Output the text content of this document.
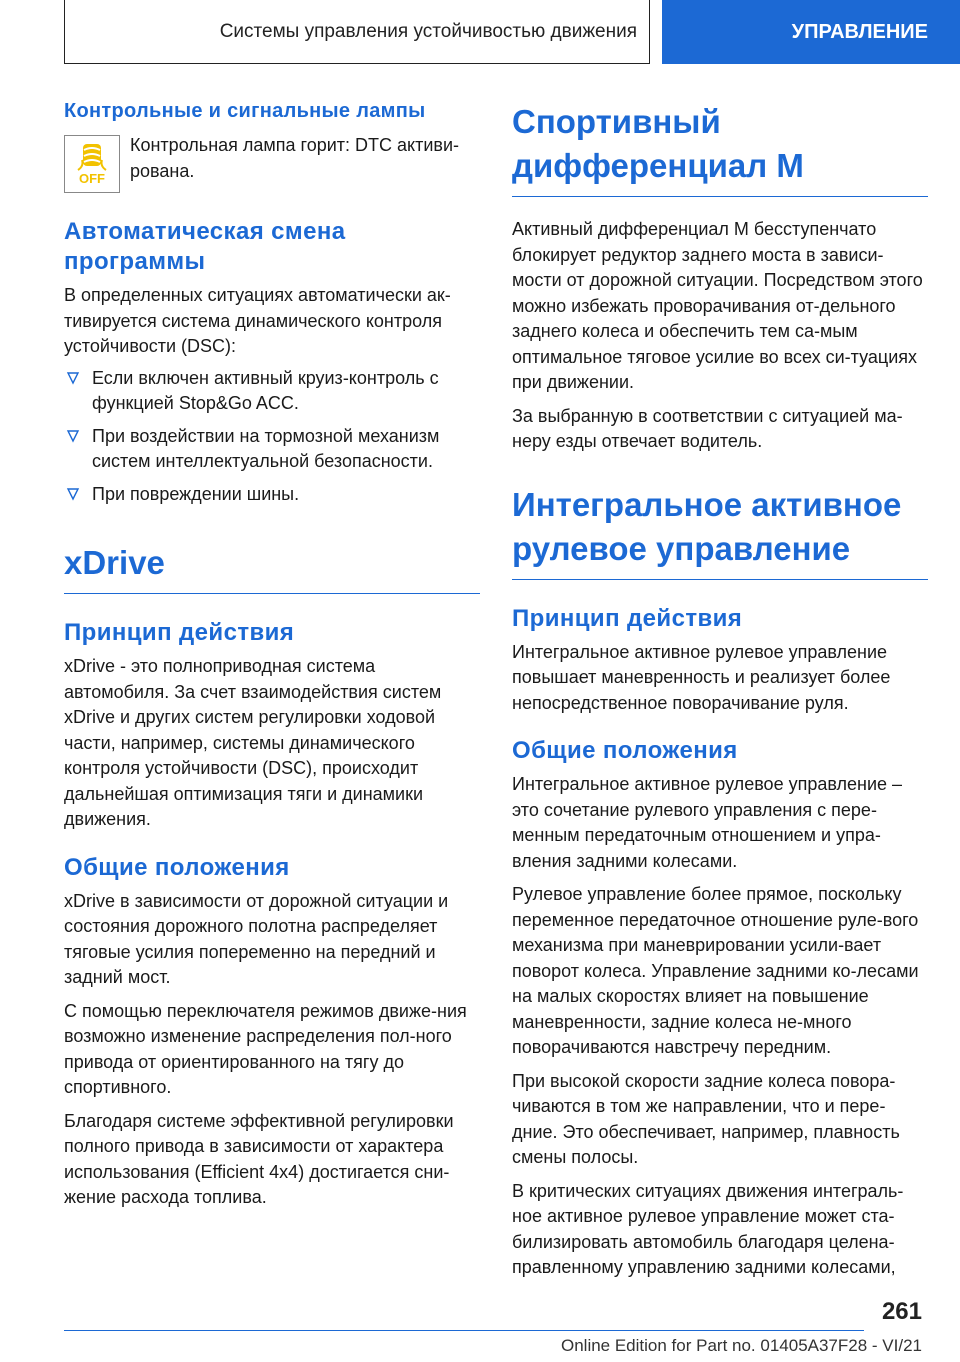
Системы управления устойчивостью движения	УПРАВЛЕНИЕ
Контрольные и сигнальные лампы
OFF

Контрольная лампа горит: DTC активи-рована.

Автоматическая смена программы

В определенных ситуациях автоматически ак-тивируется система динамического контроля устойчивости (DSC):

Если включен активный круиз-контроль с функцией Stop&Go ACC.
При воздействии на тормозной механизм систем интеллектуальной безопасности.
При повреждении шины.
xDrive
Принцип действия

xDrive - это полноприводная система автомобиля. За счет взаимодействия систем xDrive и других систем регулировки ходовой части, например, системы динамического контроля устойчивости (DSC), происходит дальнейшая оптимизация тяги и динамики движения.

Общие положения

xDrive в зависимости от дорожной ситуации и состояния дорожного полотна распределяет тяговые усилия попеременно на передний и задний мост.

С помощью переключателя режимов движе-ния возможно изменение распределения пол-ного привода от ориентированного на тягу до спортивного.

Благодаря системе эффективной регулировки полного привода в зависимости от характера использования (Efficient 4x4) достигается сни-жение расхода топлива.

Спортивный дифференциал M

Активный дифференциал M бесступенчато блокирует редуктор заднего моста в зависи-мости от дорожной ситуации. Посредством этого можно избежать проворачивания от-дельного заднего колеса и обеспечить тем са-мым оптимальное тяговое усилие во всех си-туациях при движении.

За выбранную в соответствии с ситуацией ма-неру езды отвечает водитель.

Интегральное активное рулевое управление
Принцип действия

Интегральное активное рулевое управление повышает маневренность и реализует более непосредственное поворачивание руля.

Общие положения

Интегральное активное рулевое управление – это сочетание рулевого управления с пере-менным передаточным отношением и упра-вления задними колесами.

Рулевое управление более прямое, поскольку переменное передаточное отношение руле-вого механизма при маневрировании усили-вает поворот колеса. Управление задними ко-лесами на малых скоростях влияет на повышение маневренности, задние колеса не-много поворачиваются навстречу передним.

При высокой скорости задние колеса повора-чиваются в том же направлении, что и пере-дние. Это обеспечивает, например, плавность смены полосы.

В критических ситуациях движения интеграль-ное активное рулевое управление может ста-билизировать автомобиль благодаря целена-правленному управлению задними колесами,

261
Online Edition for Part no. 01405A37F28 - VI/21
